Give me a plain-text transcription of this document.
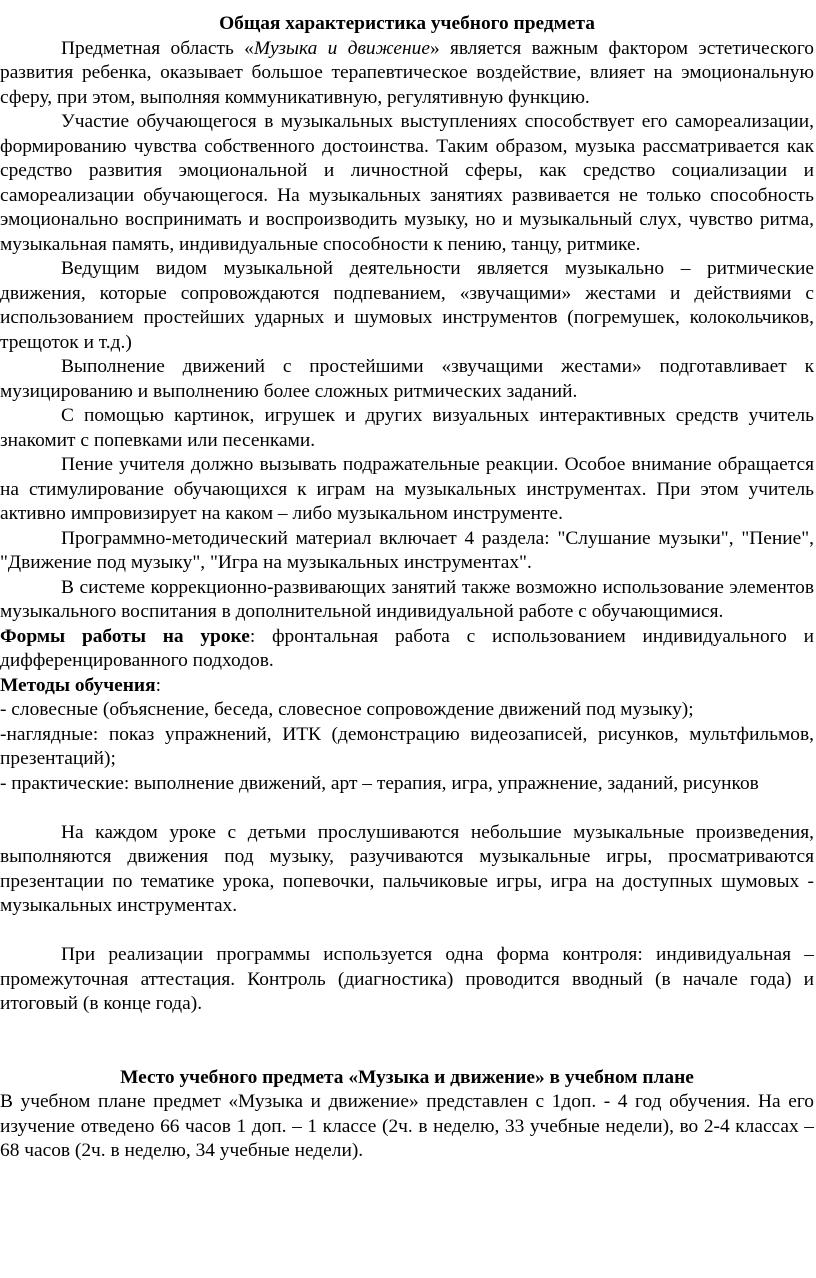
Общая характеристика учебного предмета

Предметная область «Музыка и движение» является важным фактором эстетического развития ребенка, оказывает большое терапевтическое воздействие, влияет на эмоциональную сферу, при этом, выполняя коммуникативную, регулятивную функцию.

Участие обучающегося в музыкальных выступлениях способствует его самореализации, формированию чувства собственного достоинства. Таким образом, музыка рассматривается как средство развития эмоциональной и личностной сферы, как средство социализации и самореализации обучающегося. На музыкальных занятиях развивается не только способность эмоционально воспринимать и воспроизводить музыку, но и музыкальный слух, чувство ритма, музыкальная память, индивидуальные способности к пению, танцу, ритмике.

Ведущим видом музыкальной деятельности является музыкально – ритмические движения, которые сопровождаются подпеванием, «звучащими» жестами и действиями с использованием простейших ударных и шумовых инструментов (погремушек, колокольчиков, трещоток и т.д.)

Выполнение движений с простейшими «звучащими жестами» подготавливает к музицированию и выполнению более сложных ритмических заданий.

С помощью картинок, игрушек и других визуальных интерактивных средств учитель знакомит с попевками или песенками.

Пение учителя должно вызывать подражательные реакции. Особое внимание обращается на стимулирование обучающихся к играм на музыкальных инструментах. При этом учитель активно импровизирует на каком – либо музыкальном инструменте.

Программно-методический материал включает 4 раздела: "Слушание музыки", "Пение", "Движение под музыку", "Игра на музыкальных инструментах".

В системе коррекционно-развивающих занятий также возможно использование элементов музыкального воспитания в дополнительной индивидуальной работе с обучающимися.

Формы работы на уроке: фронтальная работа с использованием индивидуального и дифференцированного подходов.

Методы обучения:

- словесные (объяснение, беседа, словесное сопровождение движений под музыку);

-наглядные: показ упражнений, ИТК (демонстрацию видеозаписей, рисунков, мультфильмов, презентаций);

- практические: выполнение движений, арт – терапия, игра, упражнение, заданий, рисунков

На каждом уроке с детьми прослушиваются небольшие музыкальные произведения, выполняются движения под музыку, разучиваются музыкальные игры, просматриваются презентации по тематике урока, попевочки, пальчиковые игры, игра на доступных шумовых - музыкальных инструментах.

При реализации программы используется одна форма контроля: индивидуальная – промежуточная аттестация. Контроль (диагностика) проводится вводный (в начале года) и итоговый (в конце года).

Место учебного предмета «Музыка и движение» в учебном плане

В учебном плане предмет «Музыка и движение» представлен с 1доп. - 4 год обучения. На его изучение отведено 66 часов 1 доп. – 1 классе (2ч. в неделю, 33 учебные недели), во 2-4 классах – 68 часов (2ч. в неделю, 34 учебные недели).
